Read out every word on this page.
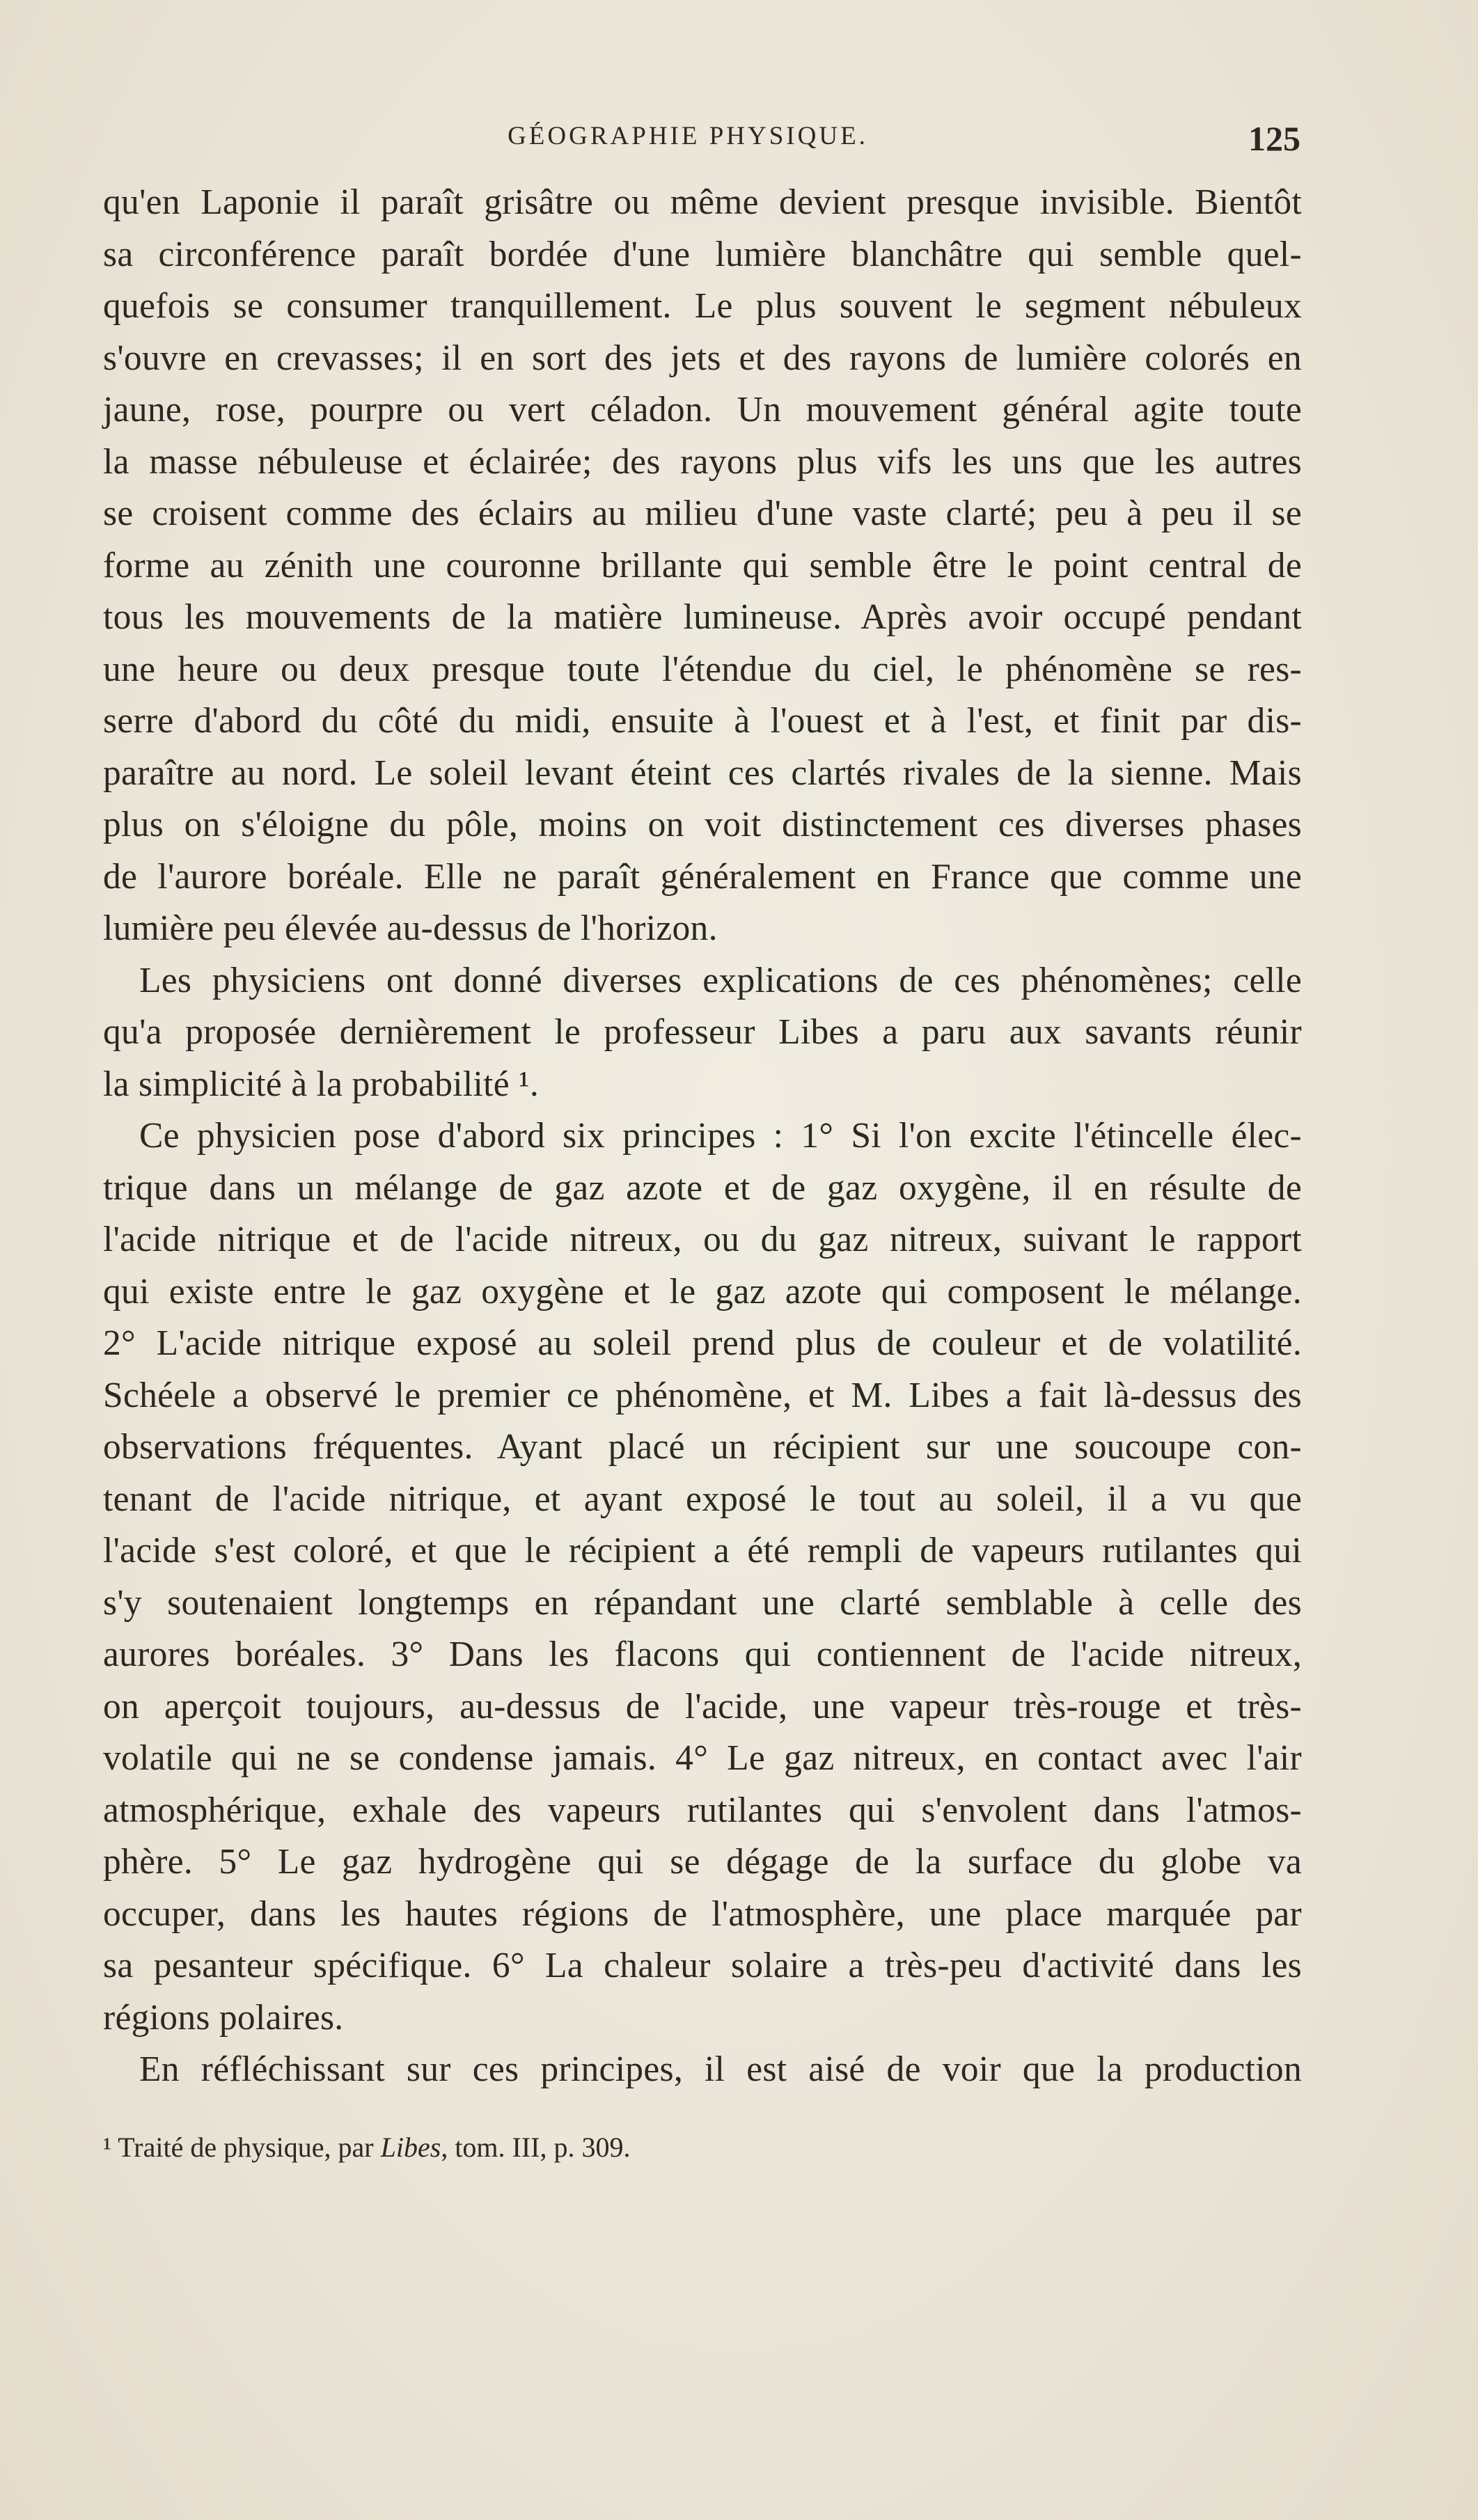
GÉOGRAPHIE PHYSIQUE.	125
qu'en Laponie il paraît grisâtre ou même devient presque invisible. Bientôt
sa circonférence paraît bordée d'une lumière blanchâtre qui semble quel-
quefois se consumer tranquillement. Le plus souvent le segment nébuleux
s'ouvre en crevasses; il en sort des jets et des rayons de lumière colorés en
jaune, rose, pourpre ou vert céladon. Un mouvement général agite toute
la masse nébuleuse et éclairée; des rayons plus vifs les uns que les autres
se croisent comme des éclairs au milieu d'une vaste clarté; peu à peu il se
forme au zénith une couronne brillante qui semble être le point central de
tous les mouvements de la matière lumineuse. Après avoir occupé pendant
une heure ou deux presque toute l'étendue du ciel, le phénomène se res-
serre d'abord du côté du midi, ensuite à l'ouest et à l'est, et finit par dis-
paraître au nord. Le soleil levant éteint ces clartés rivales de la sienne. Mais
plus on s'éloigne du pôle, moins on voit distinctement ces diverses phases
de l'aurore boréale. Elle ne paraît généralement en France que comme une
lumière peu élevée au-dessus de l'horizon.
Les physiciens ont donné diverses explications de ces phénomènes; celle
qu'a proposée dernièrement le professeur Libes a paru aux savants réunir
la simplicité à la probabilité ¹.
Ce physicien pose d'abord six principes : 1° Si l'on excite l'étincelle élec-
trique dans un mélange de gaz azote et de gaz oxygène, il en résulte de
l'acide nitrique et de l'acide nitreux, ou du gaz nitreux, suivant le rapport
qui existe entre le gaz oxygène et le gaz azote qui composent le mélange.
2° L'acide nitrique exposé au soleil prend plus de couleur et de volatilité.
Schéele a observé le premier ce phénomène, et M. Libes a fait là-dessus des
observations fréquentes. Ayant placé un récipient sur une soucoupe con-
tenant de l'acide nitrique, et ayant exposé le tout au soleil, il a vu que
l'acide s'est coloré, et que le récipient a été rempli de vapeurs rutilantes qui
s'y soutenaient longtemps en répandant une clarté semblable à celle des
aurores boréales. 3° Dans les flacons qui contiennent de l'acide nitreux,
on aperçoit toujours, au-dessus de l'acide, une vapeur très-rouge et très-
volatile qui ne se condense jamais. 4° Le gaz nitreux, en contact avec l'air
atmosphérique, exhale des vapeurs rutilantes qui s'envolent dans l'atmos-
phère. 5° Le gaz hydrogène qui se dégage de la surface du globe va
occuper, dans les hautes régions de l'atmosphère, une place marquée par
sa pesanteur spécifique. 6° La chaleur solaire a très-peu d'activité dans les
régions polaires.
En réfléchissant sur ces principes, il est aisé de voir que la production
¹ Traité de physique, par Libes, tom. III, p. 309.
